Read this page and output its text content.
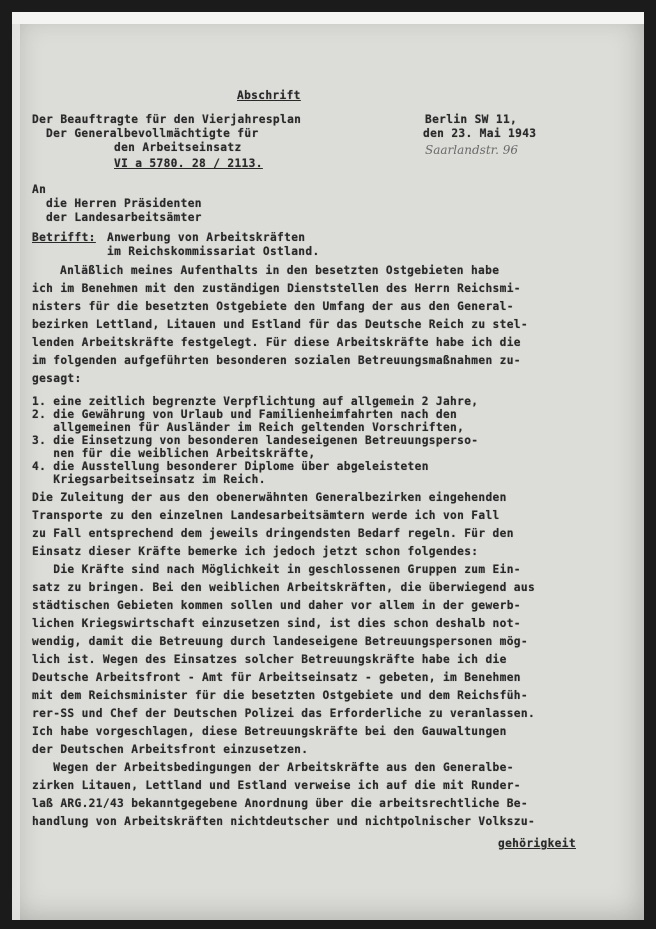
Abschrift
Der Beauftragte für den Vierjahresplan
Der Generalbevollmächtigte für
den Arbeitseinsatz
VI a 5780. 28 / 2113.
Berlin SW 11,
den 23. Mai 1943
Saarlandstr. 96
An
die Herren Präsidenten
der Landesarbeitsämter
Betrifft: Anwerbung von Arbeitskräften
im Reichskommissariat Ostland.
Anläßlich meines Aufenthalts in den besetzten Ostgebieten habe
ich im Benehmen mit den zuständigen Dienststellen des Herrn Reichsmi-
nisters für die besetzten Ostgebiete den Umfang der aus den General-
bezirken Lettland, Litauen und Estland für das Deutsche Reich zu stel-
lenden Arbeitskräfte festgelegt. Für diese Arbeitskräfte habe ich die
im folgenden aufgeführten besonderen sozialen Betreuungsmaßnahmen zu-
gesagt:
1. eine zeitlich begrenzte Verpflichtung auf allgemein 2 Jahre,
2. die Gewährung von Urlaub und Familienheimfahrten nach den
allgemeinen für Ausländer im Reich geltenden Vorschriften,
3. die Einsetzung von besonderen landeseigenen Betreuungsperso-
nen für die weiblichen Arbeitskräfte,
4. die Ausstellung besonderer Diplome über abgeleisteten
Kriegsarbeitseinsatz im Reich.
Die Zuleitung der aus den obenerwähnten Generalbezirken eingehenden
Transporte zu den einzelnen Landesarbeitsämtern werde ich von Fall
zu Fall entsprechend dem jeweils dringendsten Bedarf regeln. Für den
Einsatz dieser Kräfte bemerke ich jedoch jetzt schon folgendes:
Die Kräfte sind nach Möglichkeit in geschlossenen Gruppen zum Ein-
satz zu bringen. Bei den weiblichen Arbeitskräften, die überwiegend aus
städtischen Gebieten kommen sollen und daher vor allem in der gewerb-
lichen Kriegswirtschaft einzusetzen sind, ist dies schon deshalb not-
wendig, damit die Betreuung durch landeseigene Betreuungspersonen mög-
lich ist. Wegen des Einsatzes solcher Betreuungskräfte habe ich die
Deutsche Arbeitsfront - Amt für Arbeitseinsatz - gebeten, im Benehmen
mit dem Reichsminister für die besetzten Ostgebiete und dem Reichsfüh-
rer-SS und Chef der Deutschen Polizei das Erforderliche zu veranlassen.
Ich habe vorgeschlagen, diese Betreuungskräfte bei den Gauwaltungen
der Deutschen Arbeitsfront einzusetzen.
Wegen der Arbeitsbedingungen der Arbeitskräfte aus den Generalbe-
zirken Litauen, Lettland und Estland verweise ich auf die mit Runder-
laß ARG.21/43 bekanntgegebene Anordnung über die arbeitsrechtliche Be-
handlung von Arbeitskräften nichtdeutscher und nichtpolnischer Volkszu-
gehörigkeit
